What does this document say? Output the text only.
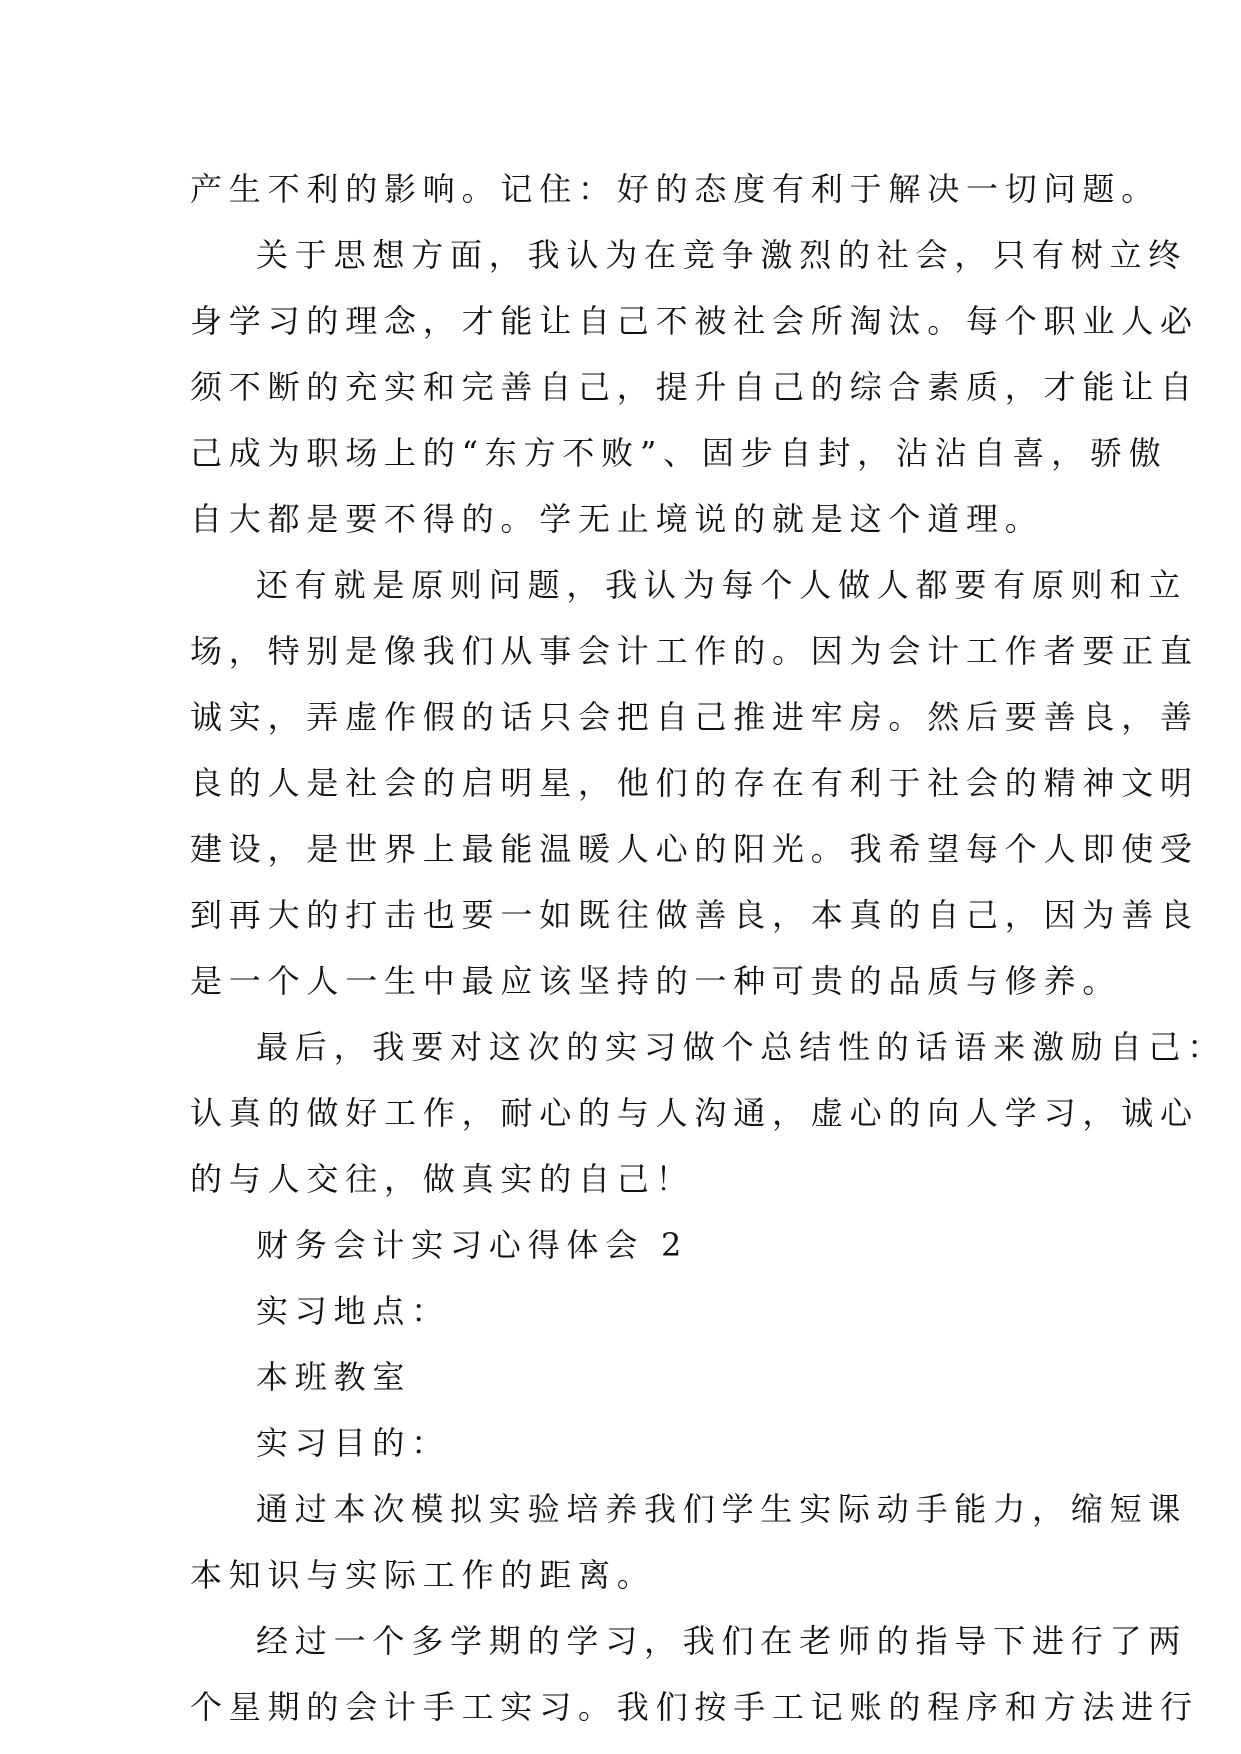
产生不利的影响。记住：好的态度有利于解决一切问题。
关于思想方面，我认为在竞争激烈的社会，只有树立终
身学习的理念，才能让自己不被社会所淘汰。每个职业人必
须不断的充实和完善自己，提升自己的综合素质，才能让自
己成为职场上的“东方不败”、固步自封，沾沾自喜，骄傲
自大都是要不得的。学无止境说的就是这个道理。
还有就是原则问题，我认为每个人做人都要有原则和立
场，特别是像我们从事会计工作的。因为会计工作者要正直
诚实，弄虚作假的话只会把自己推进牢房。然后要善良，善
良的人是社会的启明星，他们的存在有利于社会的精神文明
建设，是世界上最能温暖人心的阳光。我希望每个人即使受
到再大的打击也要一如既往做善良，本真的自己，因为善良
是一个人一生中最应该坚持的一种可贵的品质与修养。
最后，我要对这次的实习做个总结性的话语来激励自己：
认真的做好工作，耐心的与人沟通，虚心的向人学习，诚心
的与人交往，做真实的自己！
财务会计实习心得体会 2
实习地点：
本班教室
实习目的：
通过本次模拟实验培养我们学生实际动手能力，缩短课
本知识与实际工作的距离。
经过一个多学期的学习，我们在老师的指导下进行了两
个星期的会计手工实习。我们按手工记账的程序和方法进行
